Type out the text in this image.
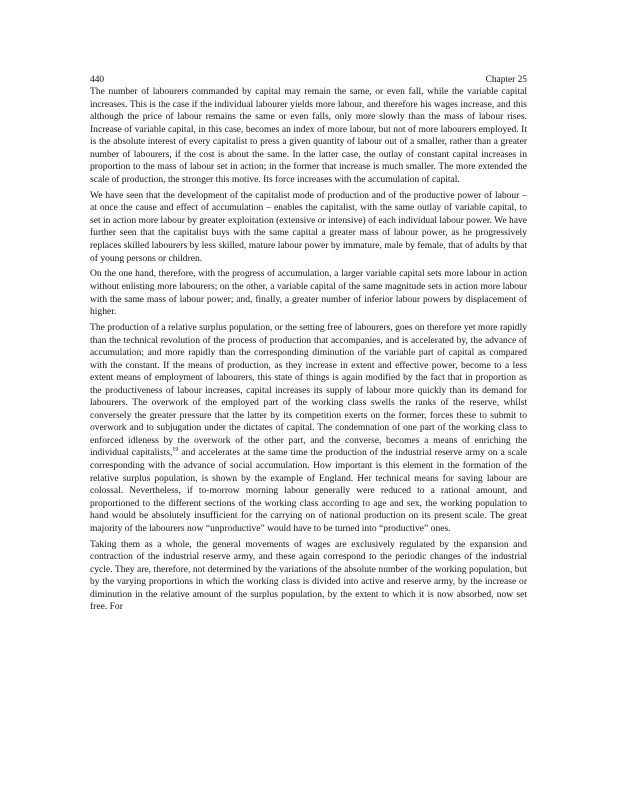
440	Chapter 25

The number of labourers commanded by capital may remain the same, or even fall, while the variable capital increases. This is the case if the individual labourer yields more labour, and therefore his wages increase, and this although the price of labour remains the same or even falls, only more slowly than the mass of labour rises. Increase of variable capital, in this case, becomes an index of more labour, but not of more labourers employed. It is the absolute interest of every capitalist to press a given quantity of labour out of a smaller, rather than a greater number of labourers, if the cost is about the same. In the latter case, the outlay of constant capital increases in proportion to the mass of labour set in action; in the former that increase is much smaller. The more extended the scale of production, the stronger this motive. Its force increases with the accumulation of capital.

We have seen that the development of the capitalist mode of production and of the productive power of labour – at once the cause and effect of accumulation – enables the capitalist, with the same outlay of variable capital, to set in action more labour by greater exploitation (extensive or intensive) of each individual labour power. We have further seen that the capitalist buys with the same capital a greater mass of labour power, as he progressively replaces skilled labourers by less skilled, mature labour power by immature, male by female, that of adults by that of young persons or children.

On the one hand, therefore, with the progress of accumulation, a larger variable capital sets more labour in action without enlisting more labourers; on the other, a variable capital of the same magnitude sets in action more labour with the same mass of labour power; and, finally, a greater number of inferior labour powers by displacement of higher.

The production of a relative surplus population, or the setting free of labourers, goes on therefore yet more rapidly than the technical revolution of the process of production that accompanies, and is accelerated by, the advance of accumulation; and more rapidly than the corresponding diminution of the variable part of capital as compared with the constant. If the means of production, as they increase in extent and effective power, become to a less extent means of employment of labourers, this state of things is again modified by the fact that in proportion as the productiveness of labour increases, capital increases its supply of labour more quickly than its demand for labourers. The overwork of the employed part of the working class swells the ranks of the reserve, whilst conversely the greater pressure that the latter by its competition exerts on the former, forces these to submit to overwork and to subjugation under the dictates of capital. The condemnation of one part of the working class to enforced idleness by the overwork of the other part, and the converse, becomes a means of enriching the individual capitalists,$^{19}$ and accelerates at the same time the production of the industrial reserve army on a scale corresponding with the advance of social accumulation. How important is this element in the formation of the relative surplus population, is shown by the example of England. Her technical means for saving labour are colossal. Nevertheless, if to-morrow morning labour generally were reduced to a rational amount, and proportioned to the different sections of the working class according to age and sex, the working population to hand would be absolutely insufficient for the carrying on of national production on its present scale. The great majority of the labourers now “unproductive” would have to be turned into “productive” ones.

Taking them as a whole, the general movements of wages are exclusively regulated by the expansion and contraction of the industrial reserve army, and these again correspond to the periodic changes of the industrial cycle. They are, therefore, not determined by the variations of the absolute number of the working population, but by the varying proportions in which the working class is divided into active and reserve army, by the increase or diminution in the relative amount of the surplus population, by the extent to which it is now absorbed, now set free. For
